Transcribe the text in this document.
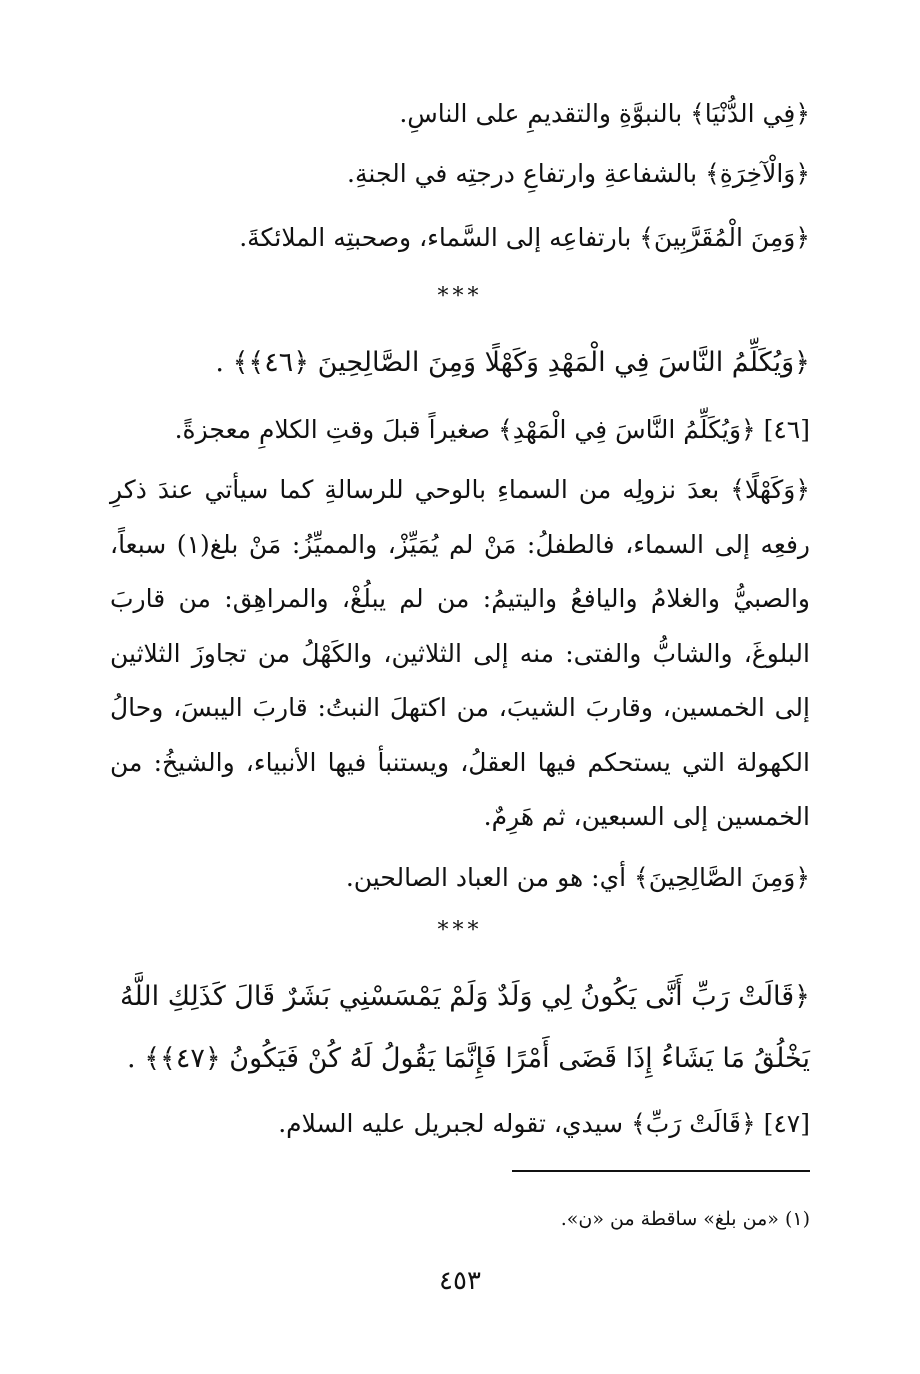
﴿فِي الدُّنْيَا﴾ بالنبوَّةِ والتقديمِ على الناسِ.
﴿وَالْآخِرَةِ﴾ بالشفاعةِ وارتفاعِ درجتِه في الجنةِ.
﴿وَمِنَ الْمُقَرَّبِينَ﴾ بارتفاعِه إلى السَّماء، وصحبتِه الملائكةَ.
***
﴿وَيُكَلِّمُ النَّاسَ فِي الْمَهْدِ وَكَهْلًا وَمِنَ الصَّالِحِينَ ﴿٤٦﴾﴾ .
[٤٦] ﴿وَيُكَلِّمُ النَّاسَ فِي الْمَهْدِ﴾ صغيراً قبلَ وقتِ الكلامِ معجزةً.

﴿وَكَهْلًا﴾ بعدَ نزولِه من السماءِ بالوحي للرسالةِ كما سيأتي عندَ ذكرِ رفعِه إلى السماء، فالطفلُ: مَنْ لم يُمَيِّزْ، والمميِّزُ: مَنْ بلغ(١) سبعاً، والصبيُّ والغلامُ واليافعُ واليتيمُ: من لم يبلُغْ، والمراهِق: من قاربَ البلوغَ، والشابُّ والفتى: منه إلى الثلاثين، والكَهْلُ من تجاوزَ الثلاثين إلى الخمسين، وقاربَ الشيبَ، من اكتهلَ النبتُ: قاربَ اليبسَ، وحالُ الكهولة التي يستحكم فيها العقلُ، ويستنبأ فيها الأنبياء، والشيخُ: من الخمسين إلى السبعين، ثم هَرِمٌ.

﴿وَمِنَ الصَّالِحِينَ﴾ أي: هو من العباد الصالحين.
***
﴿قَالَتْ رَبِّ أَنَّى يَكُونُ لِي وَلَدٌ وَلَمْ يَمْسَسْنِي بَشَرٌ قَالَ كَذَلِكِ اللَّهُ يَخْلُقُ مَا يَشَاءُ إِذَا قَضَى أَمْرًا فَإِنَّمَا يَقُولُ لَهُ كُنْ فَيَكُونُ ﴿٤٧﴾﴾ .
[٤٧] ﴿قَالَتْ رَبِّ﴾ سيدي، تقوله لجبريل عليه السلام.
(١) «من بلغ» ساقطة من «ن».
٤٥٣
